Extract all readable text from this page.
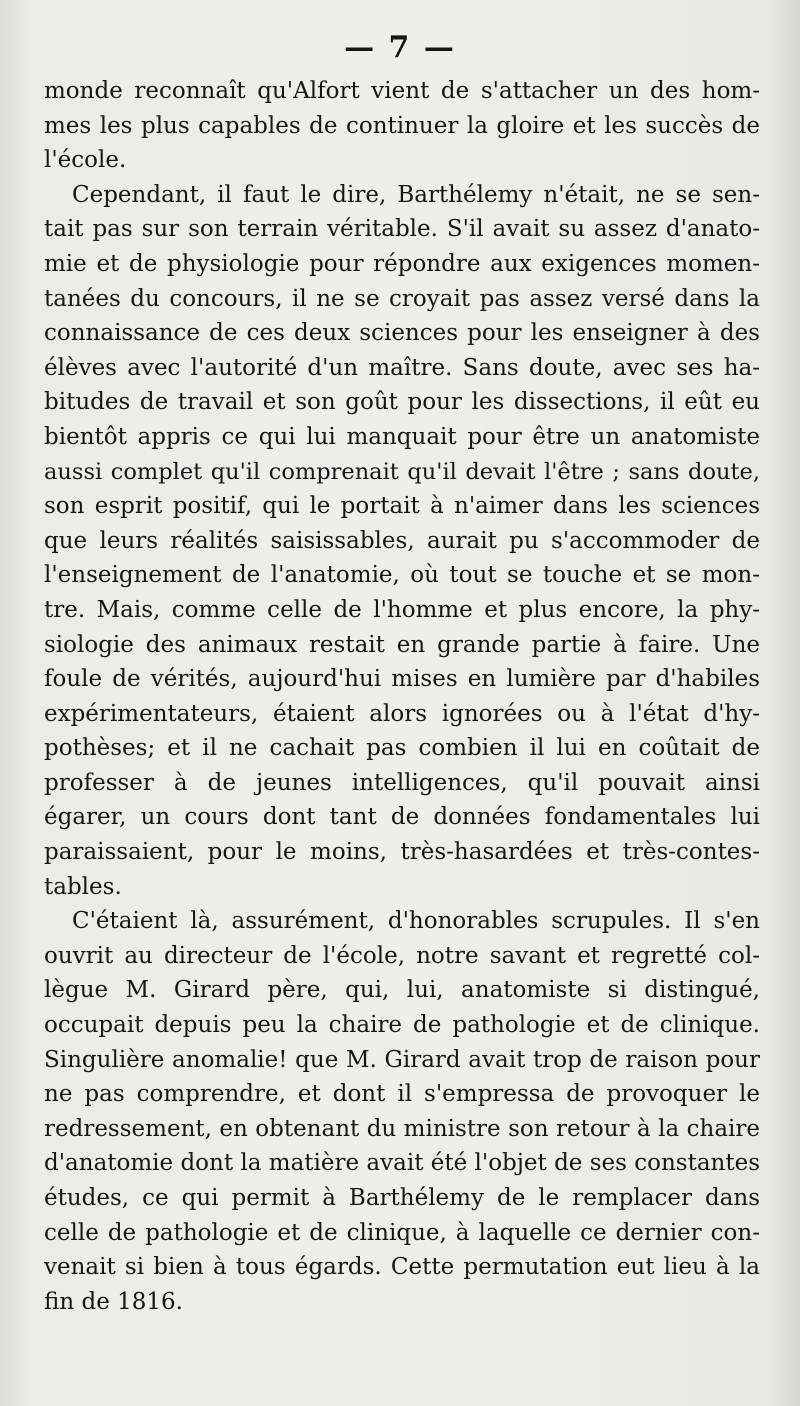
— 7 —
monde reconnaît qu'Alfort vient de s'attacher un des hom-
mes les plus capables de continuer la gloire et les succès de
l'école.
Cependant, il faut le dire, Barthélemy n'était, ne se sen-
tait pas sur son terrain véritable. S'il avait su assez d'anato-
mie et de physiologie pour répondre aux exigences momen-
tanées du concours, il ne se croyait pas assez versé dans la
connaissance de ces deux sciences pour les enseigner à des
élèves avec l'autorité d'un maître. Sans doute, avec ses ha-
bitudes de travail et son goût pour les dissections, il eût eu
bientôt appris ce qui lui manquait pour être un anatomiste
aussi complet qu'il comprenait qu'il devait l'être ; sans doute,
son esprit positif, qui le portait à n'aimer dans les sciences
que leurs réalités saisissables, aurait pu s'accommoder de
l'enseignement de l'anatomie, où tout se touche et se mon-
tre. Mais, comme celle de l'homme et plus encore, la phy-
siologie des animaux restait en grande partie à faire. Une
foule de vérités, aujourd'hui mises en lumière par d'habiles
expérimentateurs, étaient alors ignorées ou à l'état d'hy-
pothèses; et il ne cachait pas combien il lui en coûtait de
professer à de jeunes intelligences, qu'il pouvait ainsi
égarer, un cours dont tant de données fondamentales lui
paraissaient, pour le moins, très-hasardées et très-contes-
tables.
C'étaient là, assurément, d'honorables scrupules. Il s'en
ouvrit au directeur de l'école, notre savant et regretté col-
lègue M. Girard père, qui, lui, anatomiste si distingué,
occupait depuis peu la chaire de pathologie et de clinique.
Singulière anomalie! que M. Girard avait trop de raison pour
ne pas comprendre, et dont il s'empressa de provoquer le
redressement, en obtenant du ministre son retour à la chaire
d'anatomie dont la matière avait été l'objet de ses constantes
études, ce qui permit à Barthélemy de le remplacer dans
celle de pathologie et de clinique, à laquelle ce dernier con-
venait si bien à tous égards. Cette permutation eut lieu à la
fin de 1816.
